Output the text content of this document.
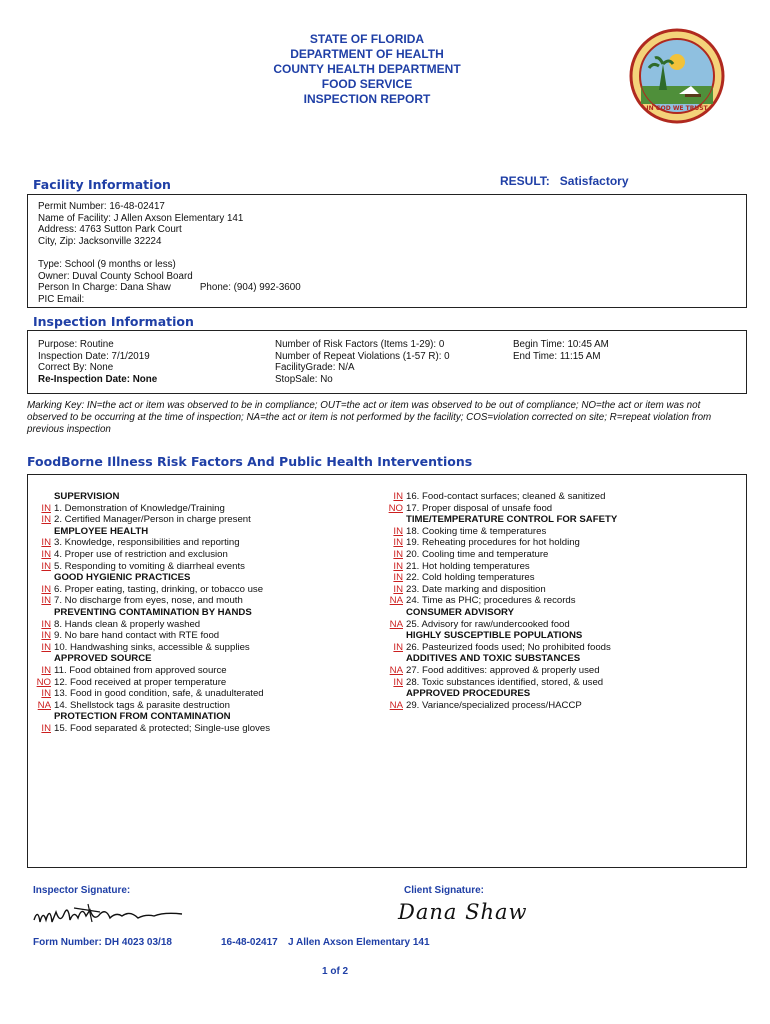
STATE OF FLORIDA
DEPARTMENT OF HEALTH
COUNTY HEALTH DEPARTMENT
FOOD SERVICE
INSPECTION REPORT
IN GOD WE TRUST
Facility Information	RESULT: Satisfactory
Permit Number: 16-48-02417
Name of Facility: J Allen Axson Elementary 141
Address: 4763 Sutton Park Court
City, Zip: Jacksonville 32224
Type: School (9 months or less)
Owner: Duval County School Board
Person In Charge: Dana Shaw	Phone: (904) 992-3600
PIC Email:
Inspection Information
Purpose: Routine
Inspection Date: 7/1/2019
Correct By: None
Re-Inspection Date: None
Number of Risk Factors (Items 1-29): 0
Number of Repeat Violations (1-57 R): 0
FacilityGrade: N/A
StopSale: No
Begin Time: 10:45 AM
End Time: 11:15 AM
Marking Key: IN=the act or item was observed to be in compliance; OUT=the act or item was observed to be out of compliance; NO=the act or item was not observed to be occurring at the time of inspection; NA=the act or item is not performed by the facility; COS=violation corrected on site; R=repeat violation from previous inspection
FoodBorne Illness Risk Factors And Public Health Interventions
SUPERVISION
IN 1. Demonstration of Knowledge/Training
IN 2. Certified Manager/Person in charge present
EMPLOYEE HEALTH
IN 3. Knowledge, responsibilities and reporting
IN 4. Proper use of restriction and exclusion
IN 5. Responding to vomiting & diarrheal events
GOOD HYGIENIC PRACTICES
IN 6. Proper eating, tasting, drinking, or tobacco use
IN 7. No discharge from eyes, nose, and mouth
PREVENTING CONTAMINATION BY HANDS
IN 8. Hands clean & properly washed
IN 9. No bare hand contact with RTE food
IN 10. Handwashing sinks, accessible & supplies
APPROVED SOURCE
IN 11. Food obtained from approved source
NO 12. Food received at proper temperature
IN 13. Food in good condition, safe, & unadulterated
NA 14. Shellstock tags & parasite destruction
PROTECTION FROM CONTAMINATION
IN 15. Food separated & protected; Single-use gloves
IN 16. Food-contact surfaces; cleaned & sanitized
NO 17. Proper disposal of unsafe food
TIME/TEMPERATURE CONTROL FOR SAFETY
IN 18. Cooking time & temperatures
IN 19. Reheating procedures for hot holding
IN 20. Cooling time and temperature
IN 21. Hot holding temperatures
IN 22. Cold holding temperatures
IN 23. Date marking and disposition
NA 24. Time as PHC; procedures & records
CONSUMER ADVISORY
NA 25. Advisory for raw/undercooked food
HIGHLY SUSCEPTIBLE POPULATIONS
IN 26. Pasteurized foods used; No prohibited foods
ADDITIVES AND TOXIC SUBSTANCES
NA 27. Food additives: approved & properly used
IN 28. Toxic substances identified, stored, & used
APPROVED PROCEDURES
NA 29. Variance/specialized process/HACCP
Inspector Signature:	Client Signature:
Dana Shaw
Form Number: DH 4023 03/18	16-48-02417 J Allen Axson Elementary 141
1 of 2
